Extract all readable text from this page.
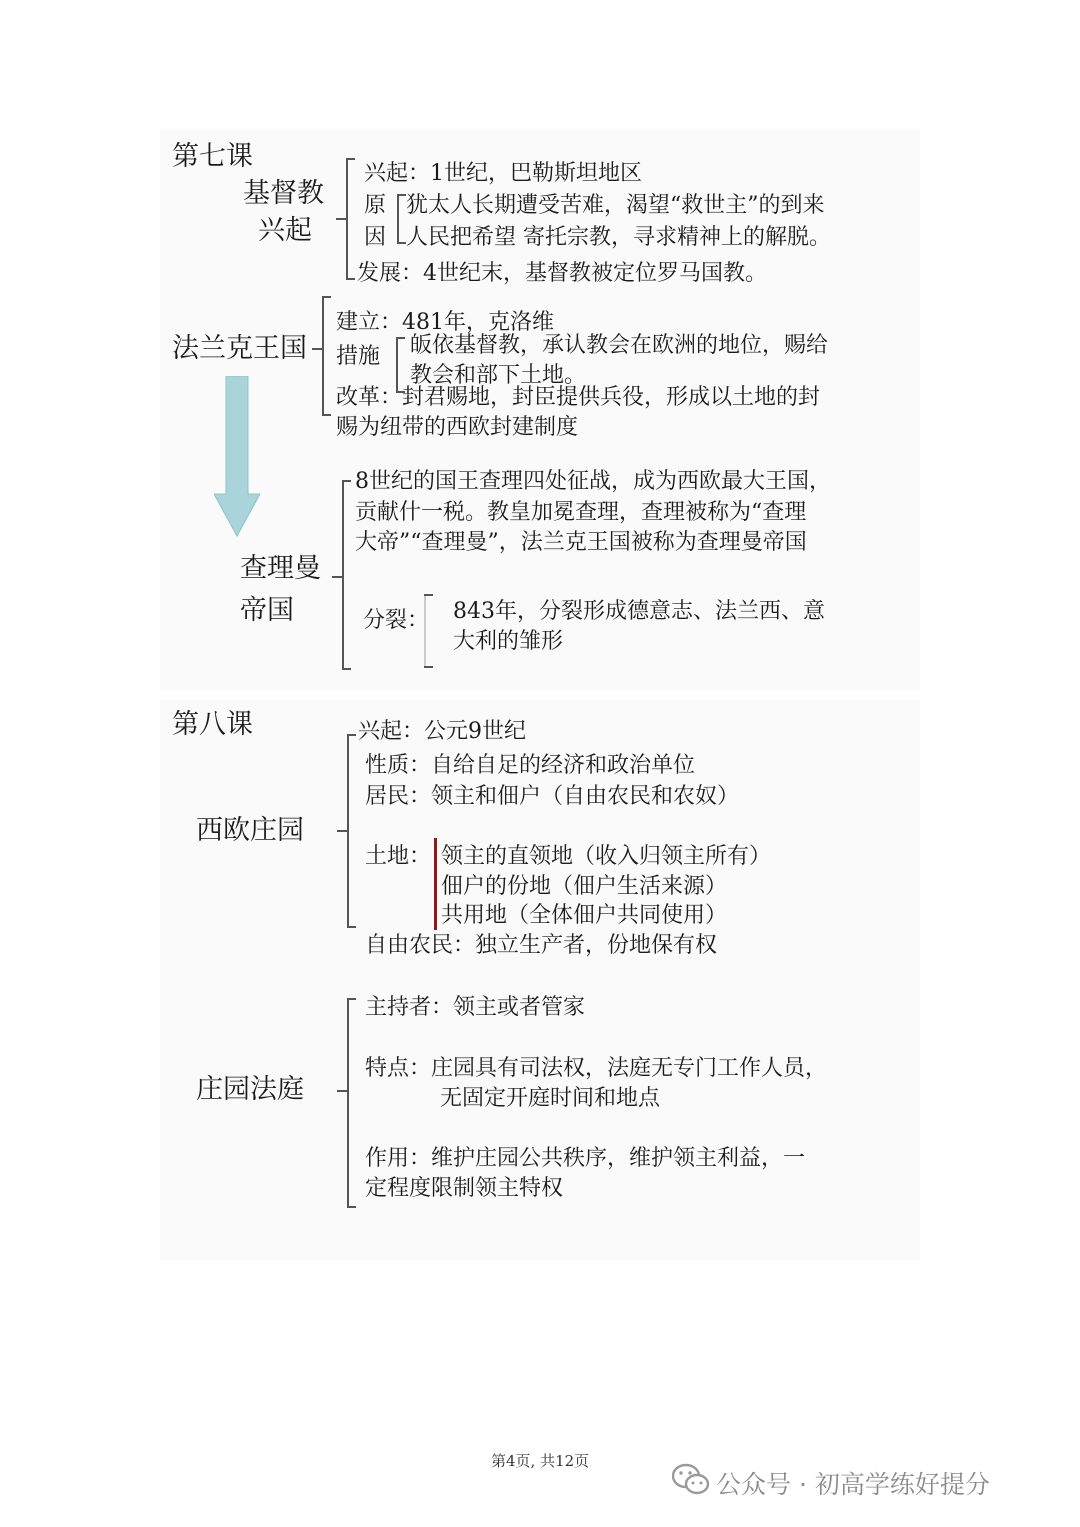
第七课
基督教
兴起
兴起：1世纪，巴勒斯坦地区
原
因
犹太人长期遭受苦难，渴望“救世主”的到来
人民把希望 寄托宗教，寻求精神上的解脱。
发展：4世纪末，基督教被定位罗马国教。
法兰克王国
建立：481年，克洛维
措施 皈依基督教，承认教会在欧洲的地位，赐给
教会和部下土地。
改革：封君赐地，封臣提供兵役，形成以土地的封
赐为纽带的西欧封建制度
查理曼
帝国
8世纪的国王查理四处征战，成为西欧最大王国，
贡献什一税。教皇加冕查理，查理被称为“查理
大帝”“查理曼”，法兰克王国被称为查理曼帝国
分裂： 843年，分裂形成德意志、法兰西、意
大利的雏形
第八课
西欧庄园
兴起：公元9世纪
性质：自给自足的经济和政治单位
居民：领主和佃户（自由农民和农奴）
土地： 领主的直领地（收入归领主所有）
佃户的份地（佃户生活来源）
共用地（全体佃户共同使用）
自由农民：独立生产者，份地保有权
庄园法庭
主持者：领主或者管家
特点：庄园具有司法权，法庭无专门工作人员，
无固定开庭时间和地点
作用：维护庄园公共秩序，维护领主利益，一
定程度限制领主特权
第4页, 共12页
公众号 · 初高学练好提分
